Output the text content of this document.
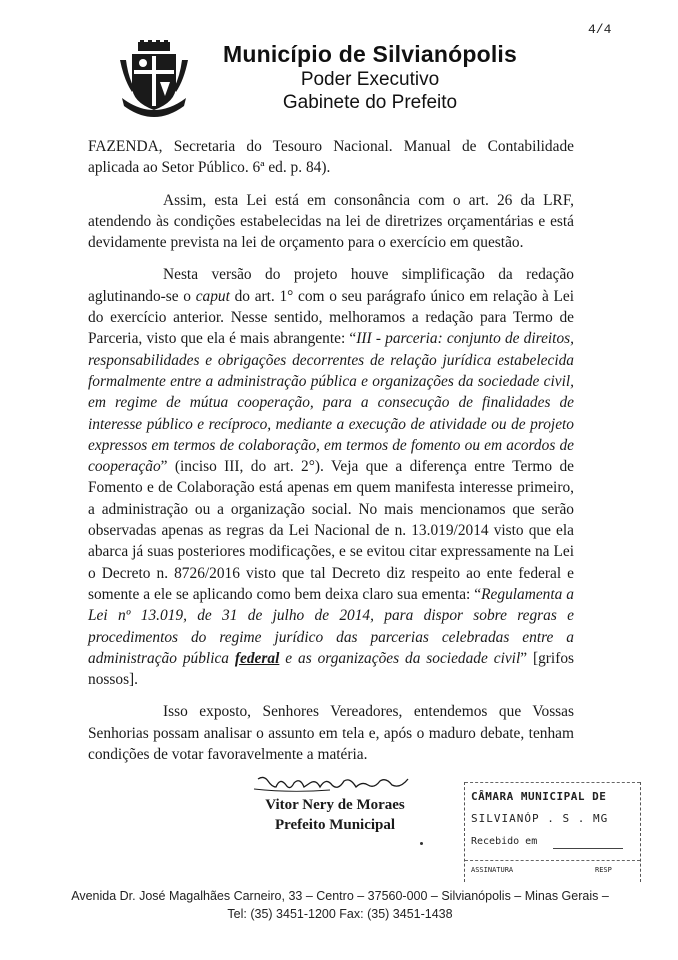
4/4
Município de Silvianópolis
Poder Executivo
Gabinete do Prefeito

FAZENDA, Secretaria do Tesouro Nacional. Manual de Contabilidade aplicada ao Setor Público. 6ª ed. p. 84).

Assim, esta Lei está em consonância com o art. 26 da LRF, atendendo às condições estabelecidas na lei de diretrizes orçamentárias e está devidamente prevista na lei de orçamento para o exercício em questão.

Nesta versão do projeto houve simplificação da redação aglutinando-se o caput do art. 1° com o seu parágrafo único em relação à Lei do exercício anterior. Nesse sentido, melhoramos a redação para Termo de Parceria, visto que ela é mais abrangente: “III - parceria: conjunto de direitos, responsabilidades e obrigações decorrentes de relação jurídica estabelecida formalmente entre a administração pública e organizações da sociedade civil, em regime de mútua cooperação, para a consecução de finalidades de interesse público e recíproco, mediante a execução de atividade ou de projeto expressos em termos de colaboração, em termos de fomento ou em acordos de cooperação” (inciso III, do art. 2°). Veja que a diferença entre Termo de Fomento e de Colaboração está apenas em quem manifesta interesse primeiro, a administração ou a organização social. No mais mencionamos que serão observadas apenas as regras da Lei Nacional de n. 13.019/2014 visto que ela abarca já suas posteriores modificações, e se evitou citar expressamente na Lei o Decreto n. 8726/2016 visto que tal Decreto diz respeito ao ente federal e somente a ele se aplicando como bem deixa claro sua ementa: “Regulamenta a Lei nº 13.019, de 31 de julho de 2014, para dispor sobre regras e procedimentos do regime jurídico das parcerias celebradas entre a administração pública federal e as organizações da sociedade civil” [grifos nossos].

Isso exposto, Senhores Vereadores, entendemos que Vossas Senhorias possam analisar o assunto em tela e, após o maduro debate, tenham condições de votar favoravelmente a matéria.

Vitor Nery de Moraes
Prefeito Municipal
CÂMARA MUNICIPAL DE
SILVIANÓP . S . MG
Recebido em
ASSINATURA	RESP
Avenida Dr. José Magalhães Carneiro, 33 – Centro – 37560-000 – Silvianópolis – Minas Gerais –
Tel: (35) 3451-1200 Fax: (35) 3451-1438
